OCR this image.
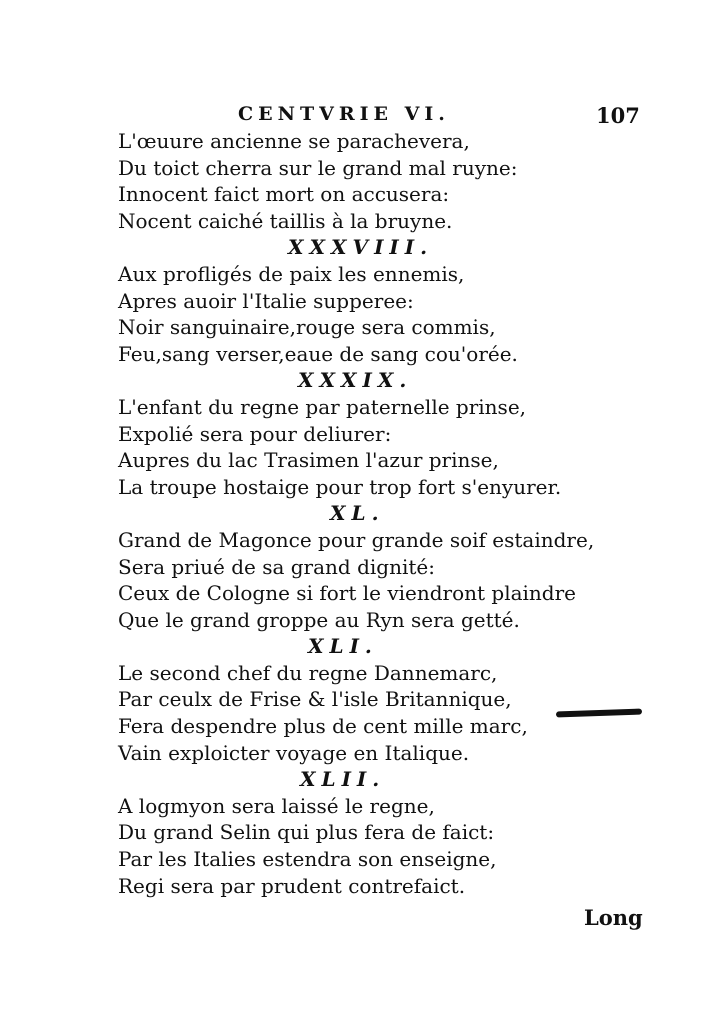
CENTVRIE VI.	107
L'œuure ancienne se parachevera,
Du toict cherra sur le grand mal ruyne:
Innocent faict mort on accusera:
Nocent caiché taillis à la bruyne.
XXXVIII.
Aux profligés de paix les ennemis,
Apres auoir l'Italie supperee:
Noir sanguinaire,rouge sera commis,
Feu,sang verser,eaue de sang cou'orée.
XXXIX.
L'enfant du regne par paternelle prinse,
Expolié sera pour deliurer:
Aupres du lac Trasimen l'azur prinse,
La troupe hostaige pour trop fort s'enyurer.
XL.
Grand de Magonce pour grande soif estaindre,
Sera priué de sa grand dignité:
Ceux de Cologne si fort le viendront plaindre
Que le grand groppe au Ryn sera getté.
XLI.
Le second chef du regne Dannemarc,
Par ceulx de Frise & l'isle Britannique,
Fera despendre plus de cent mille marc,
Vain exploicter voyage en Italique.
XLII.
A logmyon sera laissé le regne,
Du grand Selin qui plus fera de faict:
Par les Italies estendra son enseigne,
Regi sera par prudent contrefaict.
Long
